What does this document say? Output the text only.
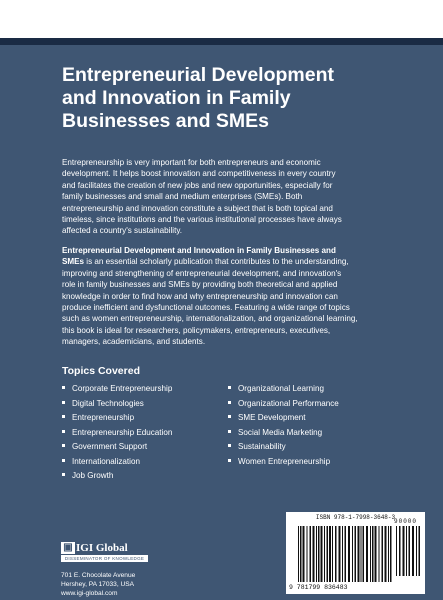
Entrepreneurial Development
and Innovation in Family
Businesses and SMEs

Entrepreneurship is very important for both entrepreneurs and economic
development. It helps boost innovation and competitiveness in every country
and facilitates the creation of new jobs and new opportunities, especially for
family businesses and small and medium enterprises (SMEs). Both
entrepreneurship and innovation constitute a subject that is both topical and
timeless, since institutions and the various institutional processes have always
affected a country's sustainability.

Entrepreneurial Development and Innovation in Family Businesses and
SMEs is an essential scholarly publication that contributes to the understanding,
improving and strengthening of entrepreneurial development, and innovation's
role in family businesses and SMEs by providing both theoretical and applied
knowledge in order to find how and why entrepreneurship and innovation can
produce inefficient and dysfunctional outcomes. Featuring a wide range of topics
such as women entrepreneurship, internationalization, and organizational learning,
this book is ideal for researchers, policymakers, entrepreneurs, executives,
managers, academicians, and students.

Topics Covered
Corporate Entrepreneurship
Digital Technologies
Entrepreneurship
Entrepreneurship Education
Government Support
Internationalization
Job Growth
Organizational Learning
Organizational Performance
SME Development
Social Media Marketing
Sustainability
Women Entrepreneurship
▣ IGI Global
DISSEMINATOR OF KNOWLEDGE

701 E. Chocolate Avenue
Hershey, PA 17033, USA
www.igi-global.com

ISBN 978-1-7998-3648-3
90000
9 781799 836483
